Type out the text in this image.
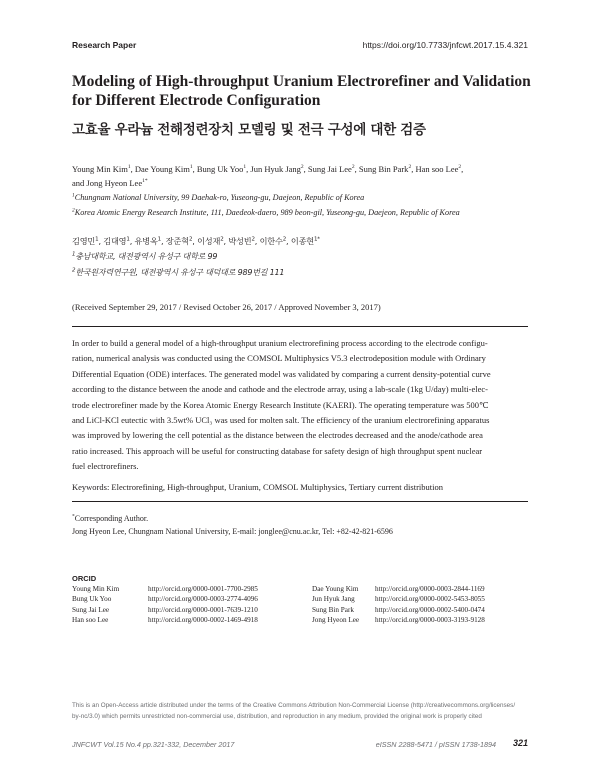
Research Paper	https://doi.org/10.7733/jnfcwt.2017.15.4.321
Modeling of High-throughput Uranium Electrorefiner and Validation
for Different Electrode Configuration
고효율 우라늄 전해정련장치 모델링 및 전극 구성에 대한 검증
Young Min Kim$^1$, Dae Young Kim$^1$, Bung Uk Yoo$^1$, Jun Hyuk Jang$^2$, Sung Jai Lee$^2$, Sung Bin Park$^2$, Han soo Lee$^2$,
and Jong Hyeon Lee$^{1*}$
$^1$Chungnam National University, 99 Daehak-ro, Yuseong-gu, Daejeon, Republic of Korea
$^2$Korea Atomic Energy Research Institute, 111, Daedeok-daero, 989 beon-gil, Yuseong-gu, Daejeon, Republic of Korea
김영민$^1$, 김대영$^1$, 유병옥$^1$, 장준혁$^2$, 이성재$^2$, 박성빈$^2$, 이한수$^2$, 이종현$^{1*}$
$^1$충남대학교, 대전광역시 유성구 대학로 99
$^2$한국원자력연구원, 대전광역시 유성구 대덕대로 989번길 111
(Received September 29, 2017 / Revised October 26, 2017 / Approved November 3, 2017)
In order to build a general model of a high-throughput uranium electrorefining process according to the electrode configu-
ration, numerical analysis was conducted using the COMSOL Multiphysics V5.3 electrodeposition module with Ordinary
Differential Equation (ODE) interfaces. The generated model was validated by comparing a current density-potential curve
according to the distance between the anode and cathode and the electrode array, using a lab-scale (1kg U/day) multi-elec-
trode electrorefiner made by the Korea Atomic Energy Research Institute (KAERI). The operating temperature was 500℃
and LiCl-KCl eutectic with 3.5wt% UCl₃ was used for molten salt. The efficiency of the uranium electrorefining apparatus
was improved by lowering the cell potential as the distance between the electrodes decreased and the anode/cathode area
ratio increased. This approach will be useful for constructing database for safety design of high throughput spent nuclear
fuel electrorefiners.
Keywords: Electrorefining, High-throughput, Uranium, COMSOL Multiphysics, Tertiary current distribution
*Corresponding Author.
Jong Hyeon Lee, Chungnam National University, E-mail: jonglee@cnu.ac.kr, Tel: +82-42-821-6596
ORCID
Young Min Kim	http://orcid.org/0000-0001-7700-2985	Dae Young Kim http://orcid.org/0000-0003-2844-1169
Bung Uk Yoo	http://orcid.org/0000-0003-2774-4096	Jun Hyuk Jang	http://orcid.org/0000-0002-5453-8055
Sung Jai Lee	http://orcid.org/0000-0001-7639-1210	Sung Bin Park	http://orcid.org/0000-0002-5400-0474
Han soo Lee	http://orcid.org/0000-0002-1469-4918	Jong Hyeon Lee http://orcid.org/0000-0003-3193-9128
This is an Open-Access article distributed under the terms of the Creative Commons Attribution Non-Commercial License (http://creativecommons.org/licenses/
by-nc/3.0) which permits unrestricted non-commercial use, distribution, and reproduction in any medium, provided the original work is properly cited
JNFCWT Vol.15 No.4 pp.321-332, December 2017	eISSN 2288-5471 / pISSN 1738-1894 321
